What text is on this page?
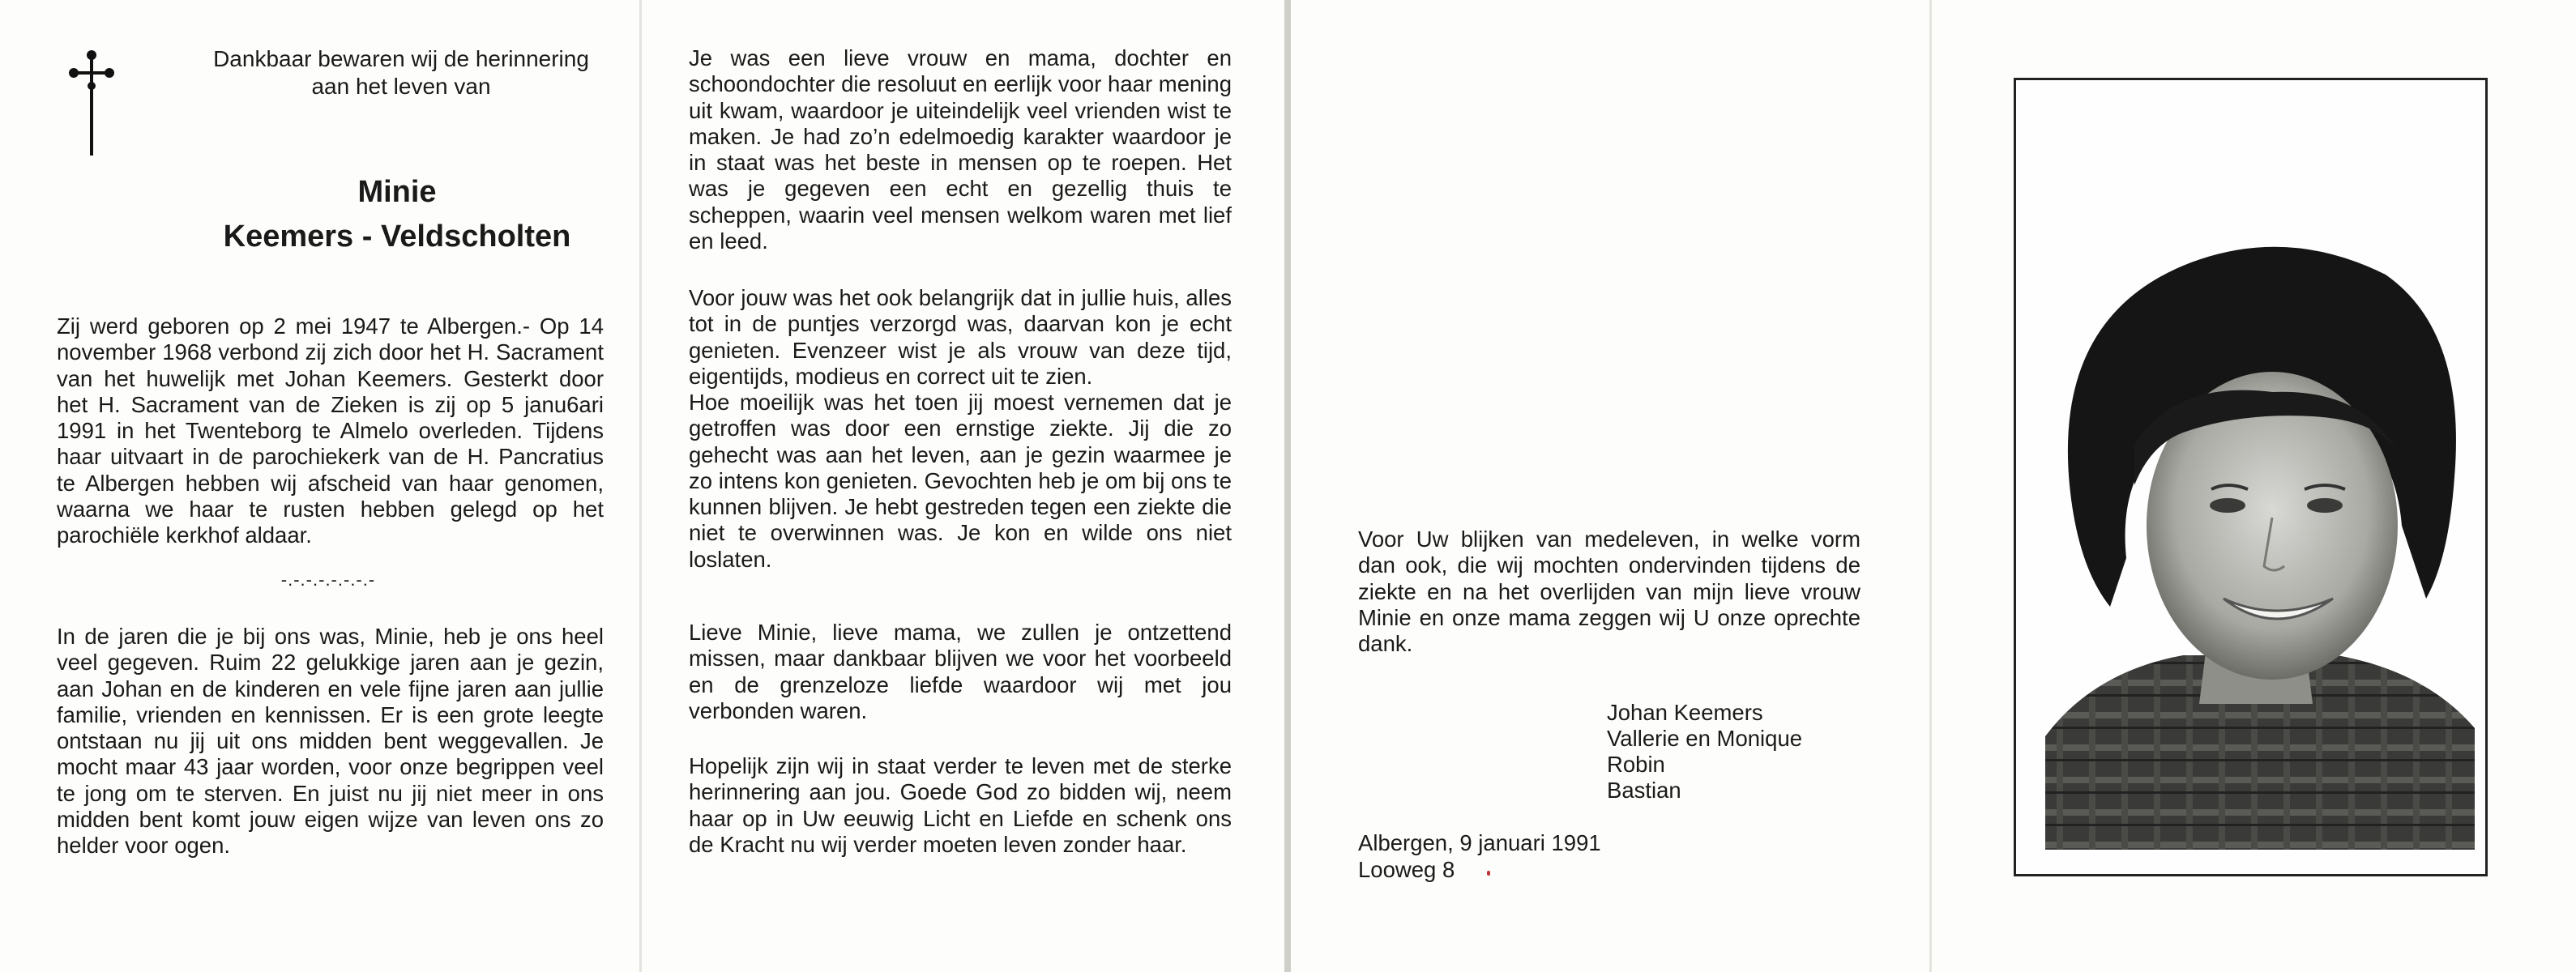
Dankbaar bewaren wij de herinnering aan het leven van

Minie
Keemers - Veldscholten

Zij werd geboren op 2 mei 1947 te Albergen.- Op 14 november 1968 verbond zij zich door het H. Sacrament van het huwelijk met Johan Keemers. Gesterkt door het H. Sacrament van de Zieken is zij op 5 janu6ari 1991 in het Twenteborg te Almelo overleden. Tijdens haar uitvaart in de parochiekerk van de H. Pancratius te Albergen hebben wij afscheid van haar genomen, waarna we haar te rusten hebben gelegd op het parochiële kerkhof aldaar.

-.-.-.-.-.-.-.-

In de jaren die je bij ons was, Minie, heb je ons heel veel gegeven. Ruim 22 gelukkige jaren aan je gezin, aan Johan en de kinderen en vele fijne jaren aan jullie familie, vrienden en kennissen. Er is een grote leegte ontstaan nu jij uit ons midden bent weggevallen. Je mocht maar 43 jaar worden, voor onze begrippen veel te jong om te sterven. En juist nu jij niet meer in ons midden bent komt jouw eigen wijze van leven ons zo helder voor ogen.

Je was een lieve vrouw en mama, dochter en schoondochter die resoluut en eerlijk voor haar mening uit kwam, waardoor je uiteindelijk veel vrienden wist te maken. Je had zo’n edelmoedig karakter waardoor je in staat was het beste in mensen op te roepen. Het was je gegeven een echt en gezellig thuis te scheppen, waarin veel mensen welkom waren met lief en leed.

Voor jouw was het ook belangrijk dat in jullie huis, alles tot in de puntjes verzorgd was, daarvan kon je echt genieten. Evenzeer wist je als vrouw van deze tijd, eigentijds, modieus en correct uit te zien.

Hoe moeilijk was het toen jij moest vernemen dat je getroffen was door een ernstige ziekte. Jij die zo gehecht was aan het leven, aan je gezin waarmee je zo intens kon genieten. Gevochten heb je om bij ons te kunnen blijven. Je hebt gestreden tegen een ziekte die niet te overwinnen was. Je kon en wilde ons niet loslaten.

Lieve Minie, lieve mama, we zullen je ontzettend missen, maar dankbaar blijven we voor het voorbeeld en de grenzeloze liefde waardoor wij met jou verbonden waren.

Hopelijk zijn wij in staat verder te leven met de sterke herinnering aan jou. Goede God zo bidden wij, neem haar op in Uw eeuwig Licht en Liefde en schenk ons de Kracht nu wij verder moeten leven zonder haar.

Voor Uw blijken van medeleven, in welke vorm dan ook, die wij mochten ondervinden tijdens de ziekte en na het overlijden van mijn lieve vrouw Minie en onze mama zeggen wij U onze oprechte dank.

Johan Keemers
Vallerie en Monique
Robin
Bastian
Albergen, 9 januari 1991
Looweg 8
